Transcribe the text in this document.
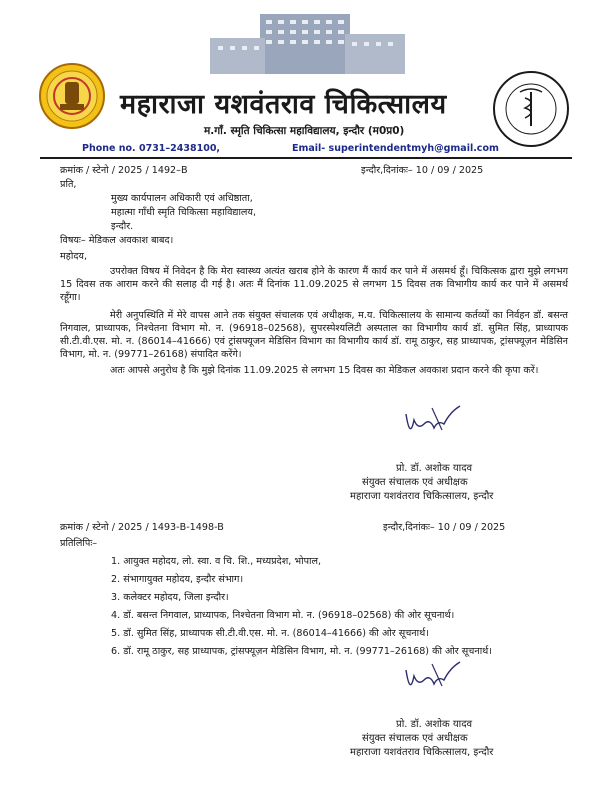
महाराजा यशवंतराव चिकित्सालय
म.गाँ. स्मृति चिकित्सा महाविद्यालय, इन्दौर (म0प्र0)
Phone no. 0731–2438100,	Email- superintendentmyh@gmail.com
क्रमांक / स्टेनो / 2025 / 1492–B	इन्दौर,दिनांकः– 10 / 09 / 2025
प्रति,
मुख्य कार्यपालन अधिकारी एवं अधिष्ठाता,
महात्मा गाँधी स्मृति चिकित्सा महाविद्यालय,
इन्दौर.
विषयः– मेडिकल अवकाश बाबद।
महोदय,
उपरोक्त विषय में निवेदन है कि मेरा स्वास्थ्य अत्यंत खराब होने के कारण मैं कार्य कर पाने में असमर्थ हूँ। चिकित्सक द्वारा मुझे लगभग 15 दिवस तक आराम करने की सलाह दी गई है। अतः मैं दिनांक 11.09.2025 से लगभग 15 दिवस तक विभागीय कार्य कर पाने में असमर्थ रहूँगा।
मेरी अनुपस्थिति में मेरे वापस आने तक संयुक्त संचालक एवं अधीक्षक, म.य. चिकित्सालय के सामान्य कर्तव्यों का निर्वहन डॉ. बसन्त निगवाल, प्राध्यापक, निश्चेतना विभाग मो. न. (96918–02568), सुपरस्पेश्यलिटी अस्पताल का विभागीय कार्य डॉ. सुमित सिंह, प्राध्यापक सी.टी.वी.एस. मो. न. (86014–41666) एवं ट्रांसफ्यूजन मेडिसिन विभाग का विभागीय कार्य डॉ. रामू ठाकुर, सह प्राध्यापक, ट्रांसफ्यूज़न मेडिसिन विभाग, मो. न. (99771–26168) संपादित करेंगे।
अतः आपसे अनुरोध है कि मुझे दिनांक 11.09.2025 से लगभग 15 दिवस का मेडिकल अवकाश प्रदान करने की कृपा करें।
प्रो. डॉ. अशोक यादव
संयुक्त संचालक एवं अधीक्षक
महाराजा यशवंतराव चिकित्सालय, इन्दौर
क्रमांक / स्टेनो / 2025 / 1493-B-1498-B	इन्दौर,दिनांकः– 10 / 09 / 2025
प्रतिलिपिः–
1. आयुक्त महोदय, लो. स्वा. व चि. शि., मध्यप्रदेश, भोपाल,
2. संभागायुक्त महोदय, इन्दौर संभाग।
3. कलेक्टर महोदय, जिला इन्दौर।
4. डॉ. बसन्त निगवाल, प्राध्यापक, निश्चेतना विभाग मो. न. (96918–02568) की ओर सूचनार्थ।
5. डॉ. सुमित सिंह, प्राध्यापक सी.टी.वी.एस. मो. न. (86014–41666) की ओर सूचनार्थ।
6. डॉ. रामू ठाकुर, सह प्राध्यापक, ट्रांसफ्यूज़न मेडिसिन विभाग, मो. न. (99771–26168) की ओर सूचनार्थ।
प्रो. डॉ. अशोक यादव
संयुक्त संचालक एवं अधीक्षक
महाराजा यशवंतराव चिकित्सालय, इन्दौर
